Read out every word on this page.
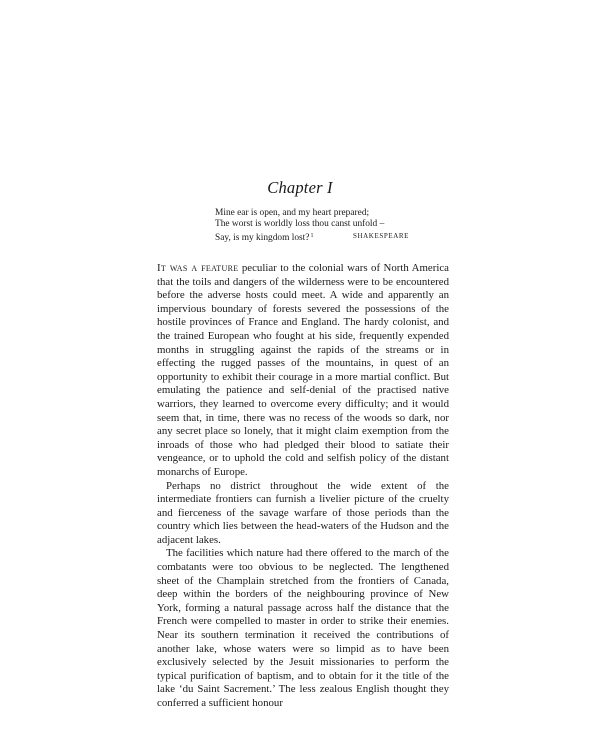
Chapter I
Mine ear is open, and my heart prepared;
The worst is worldly loss thou canst unfold –
Say, is my kingdom lost?$^1$	SHAKESPEARE

It was a feature peculiar to the colonial wars of North America that the toils and dangers of the wilderness were to be encountered before the adverse hosts could meet. A wide and apparently an impervious boundary of forests severed the possessions of the hostile provinces of France and England. The hardy colonist, and the trained European who fought at his side, frequently expended months in struggling against the rapids of the streams or in effecting the rugged passes of the mountains, in quest of an opportunity to exhibit their courage in a more martial conflict. But emulating the patience and self-denial of the practised native warriors, they learned to overcome every difficulty; and it would seem that, in time, there was no recess of the woods so dark, nor any secret place so lonely, that it might claim exemption from the inroads of those who had pledged their blood to satiate their vengeance, or to uphold the cold and selfish policy of the distant monarchs of Europe.

Perhaps no district throughout the wide extent of the intermediate frontiers can furnish a livelier picture of the cruelty and fierceness of the savage warfare of those periods than the country which lies between the head-waters of the Hudson and the adjacent lakes.

The facilities which nature had there offered to the march of the combatants were too obvious to be neglected. The lengthened sheet of the Champlain stretched from the frontiers of Canada, deep within the borders of the neighbouring province of New York, forming a natural passage across half the distance that the French were compelled to master in order to strike their enemies. Near its southern termination it received the contributions of another lake, whose waters were so limpid as to have been exclusively selected by the Jesuit missionaries to perform the typical purification of baptism, and to obtain for it the title of the lake ‘du Saint Sacrement.’ The less zealous English thought they conferred a sufficient honour
